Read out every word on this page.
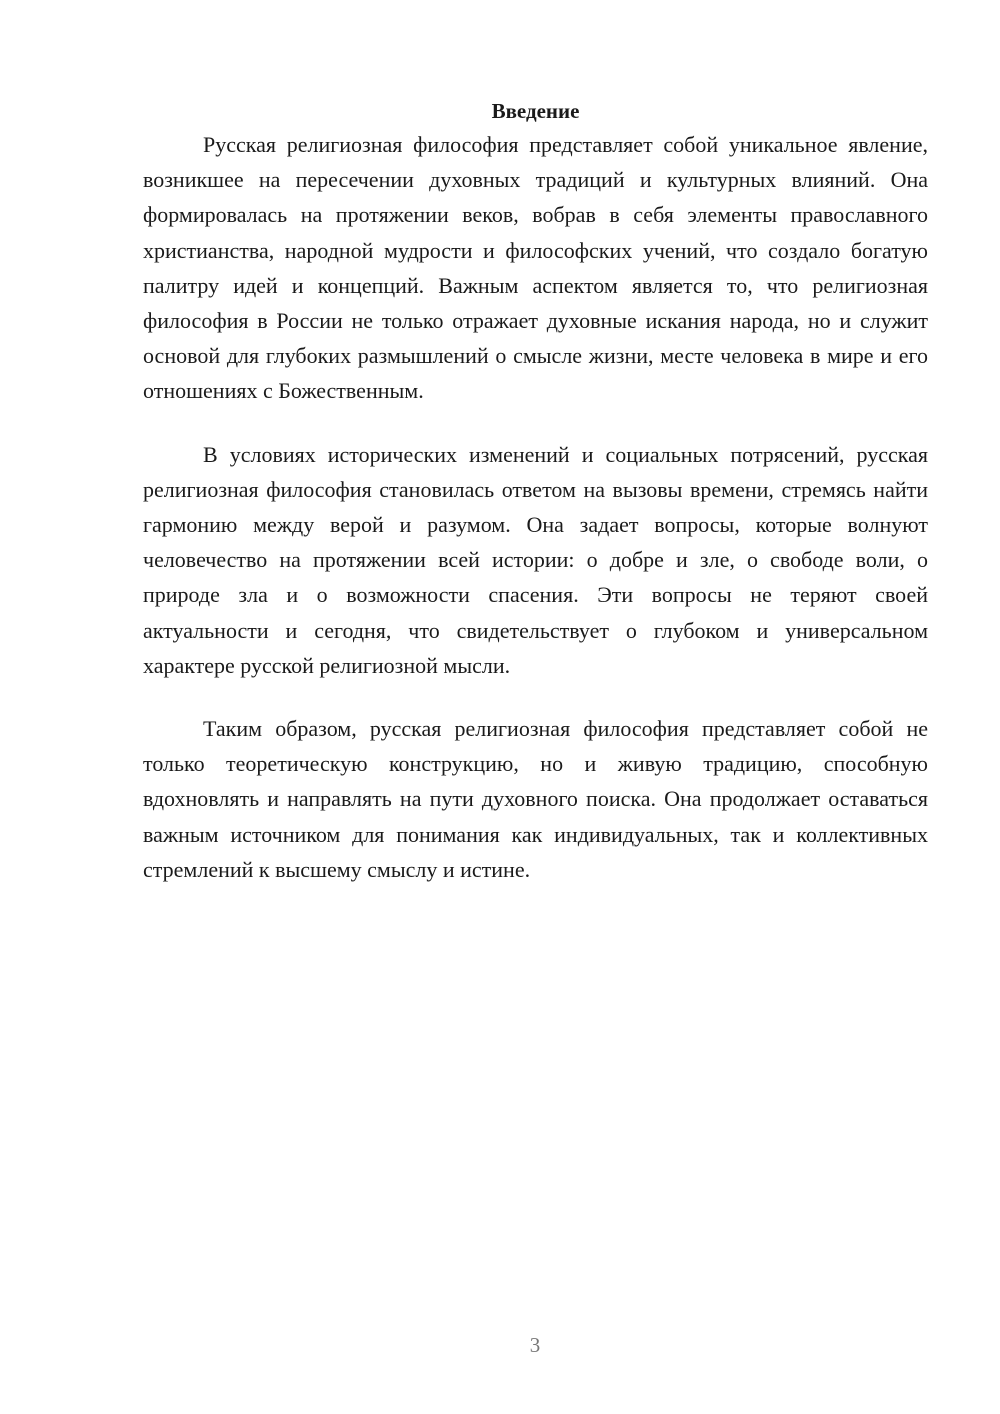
Введение

Русская религиозная философия представляет собой уникальное явление, возникшее на пересечении духовных традиций и культурных влияний. Она формировалась на протяжении веков, вобрав в себя элементы православного христианства, народной мудрости и философских учений, что создало богатую палитру идей и концепций. Важным аспектом является то, что религиозная философия в России не только отражает духовные искания народа, но и служит основой для глубоких размышлений о смысле жизни, месте человека в мире и его отношениях с Божественным.

В условиях исторических изменений и социальных потрясений, русская религиозная философия становилась ответом на вызовы времени, стремясь найти гармонию между верой и разумом. Она задает вопросы, которые волнуют человечество на протяжении всей истории: о добре и зле, о свободе воли, о природе зла и о возможности спасения. Эти вопросы не теряют своей актуальности и сегодня, что свидетельствует о глубоком и универсальном характере русской религиозной мысли.

Таким образом, русская религиозная философия представляет собой не только теоретическую конструкцию, но и живую традицию, способную вдохновлять и направлять на пути духовного поиска. Она продолжает оставаться важным источником для понимания как индивидуальных, так и коллективных стремлений к высшему смыслу и истине.

3
